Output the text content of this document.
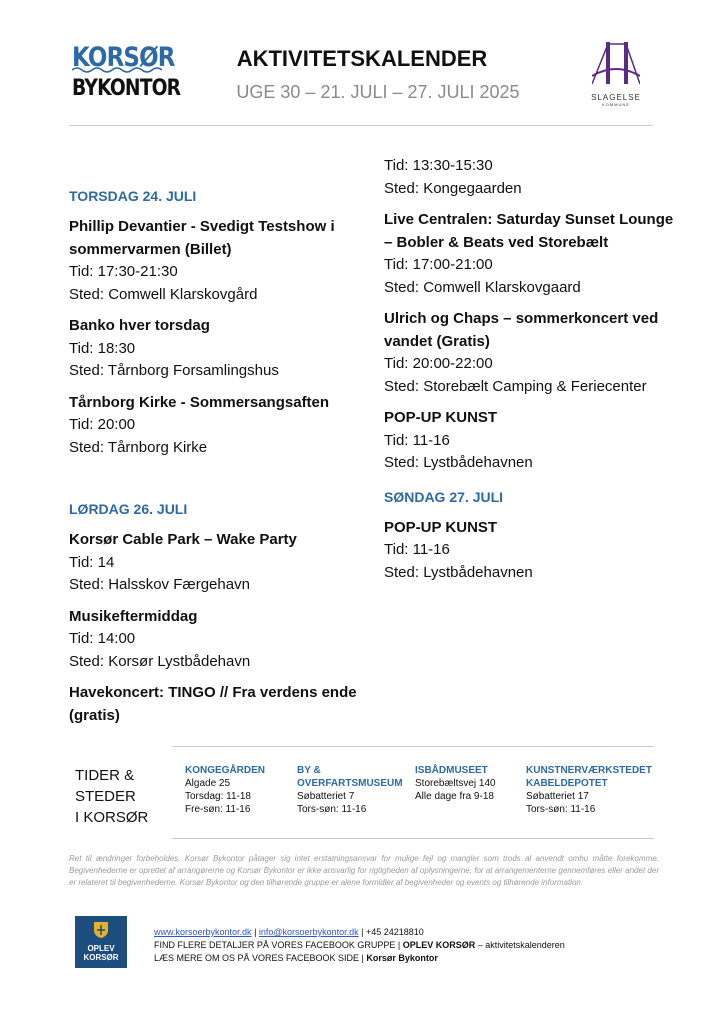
KORSØR
BYKONTOR
AKTIVITETSKALENDER
UGE 30 – 21. JULI – 27. JULI 2025	SLAGELSE
KOMMUNE
TORSDAG 24. JULI
Phillip Devantier - Svedigt Testshow i sommervarmen (Billet)
Tid: 17:30-21:30
Sted: Comwell Klarskovgård
Banko hver torsdag
Tid: 18:30
Sted: Tårnborg Forsamlingshus
Tårnborg Kirke - Sommersangsaften
Tid: 20:00
Sted: Tårnborg Kirke
LØRDAG 26. JULI
Korsør Cable Park – Wake Party
Tid: 14
Sted: Halsskov Færgehavn
Musikeftermiddag
Tid: 14:00
Sted: Korsør Lystbådehavn
Havekoncert: TINGO // Fra verdens ende (gratis)
Tid: 13:30-15:30
Sted: Kongegaarden
Live Centralen: Saturday Sunset Lounge – Bobler & Beats ved Storebælt
Tid: 17:00-21:00
Sted: Comwell Klarskovgaard
Ulrich og Chaps – sommerkoncert ved vandet (Gratis)
Tid: 20:00-22:00
Sted: Storebælt Camping & Feriecenter
POP-UP KUNST
Tid: 11-16
Sted: Lystbådehavnen
SØNDAG 27. JULI
POP-UP KUNST
Tid: 11-16
Sted: Lystbådehavnen
TIDER &
STEDER
I KORSØR
KONGEGÅRDEN
Algade 25
Torsdag: 11-18
Fre-søn: 11-16
BY &
OVERFARTSMUSEUM
Søbatteriet 7
Tors-søn: 11-16
ISBÅDMUSEET
Storebæltsvej 140
Alle dage fra 9-18
KUNSTNERVÆRKSTEDET
KABELDEPOTET
Søbatteriet 17
Tors-søn: 11-16
Ret til ændringer forbeholdes. Korsør Bykontor påtager sig intet erstatningsansvar for mulige fejl og mangler som trods al anvendt omhu måtte forekomme. Begivenhederne er oprettet af arrangørerne og Korsør Bykontor er ikke ansvarlig for rigtigheden af oplysningerne, for at arrangementerne gennemføres eller andet der er relateret til begivenhederne. Korsør Bykontor og den tilhørende gruppe er alene formidler af begivenheder og events og tilhørende information.
OPLEV
KORSØR
www.korsoerbykontor.dk | info@korsoerbykontor.dk | +45 24218810
FIND FLERE DETALJER PÅ VORES FACEBOOK GRUPPE | OPLEV KORSØR – aktivitetskalenderen
LÆS MERE OM OS PÅ VORES FACEBOOK SIDE | Korsør Bykontor
